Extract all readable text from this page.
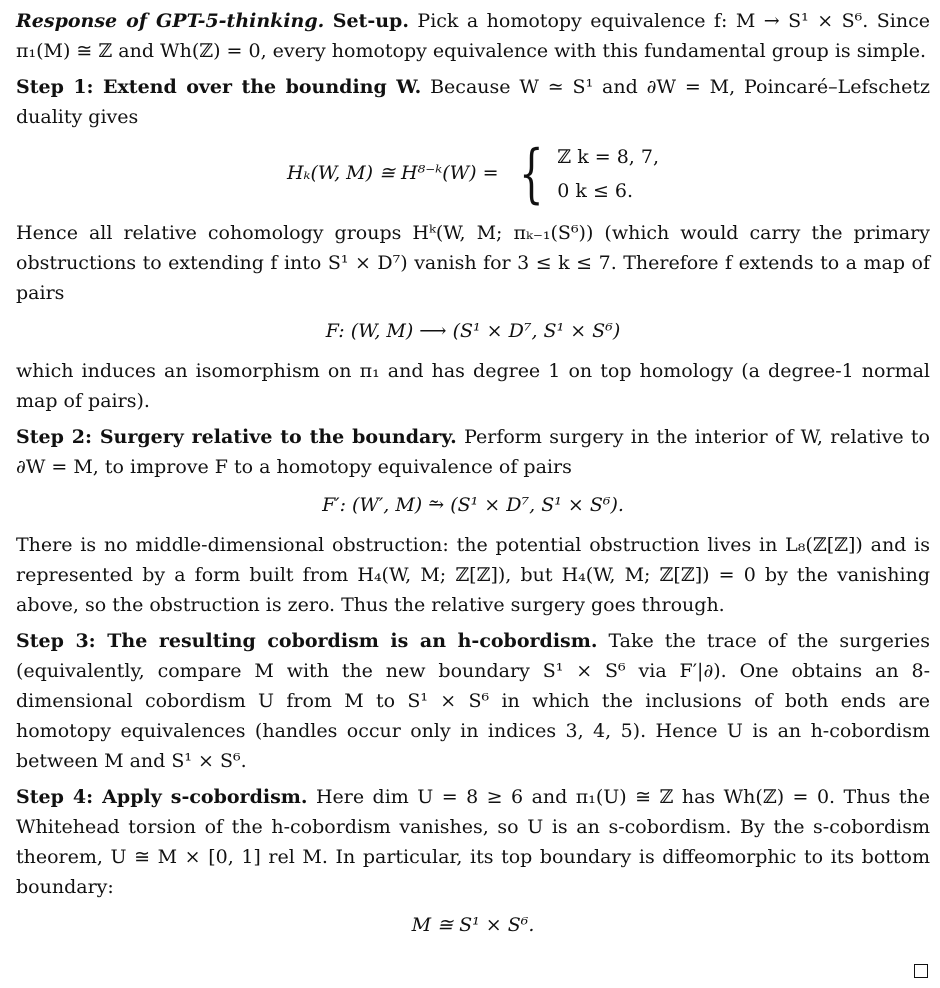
Response of GPT-5-thinking. Set-up. Pick a homotopy equivalence f: M → S¹ × S⁶. Since π₁(M) ≅ ℤ and Wh(ℤ) = 0, every homotopy equivalence with this fundamental group is simple.

Step 1: Extend over the bounding W. Because W ≃ S¹ and ∂W = M, Poincaré–Lefschetz duality gives

Hₖ(W, M) ≅ H⁸⁻ᵏ(W) = { ℤ k = 8, 7,
0 k ≤ 6.

Hence all relative cohomology groups Hᵏ(W, M; πₖ₋₁(S⁶)) (which would carry the primary obstructions to extending f into S¹ × D⁷) vanish for 3 ≤ k ≤ 7. Therefore f extends to a map of pairs

F: (W, M) ⟶ (S¹ × D⁷, S¹ × S⁶)

which induces an isomorphism on π₁ and has degree 1 on top homology (a degree-1 normal map of pairs).

Step 2: Surgery relative to the boundary. Perform surgery in the interior of W, relative to ∂W = M, to improve F to a homotopy equivalence of pairs

F′: (W′, M) ⥲ (S¹ × D⁷, S¹ × S⁶).

There is no middle-dimensional obstruction: the potential obstruction lives in L₈(ℤ[ℤ]) and is represented by a form built from H₄(W, M; ℤ[ℤ]), but H₄(W, M; ℤ[ℤ]) = 0 by the vanishing above, so the obstruction is zero. Thus the relative surgery goes through.

Step 3: The resulting cobordism is an h-cobordism. Take the trace of the surgeries (equivalently, compare M with the new boundary S¹ × S⁶ via F′|∂). One obtains an 8-dimensional cobordism U from M to S¹ × S⁶ in which the inclusions of both ends are homotopy equivalences (handles occur only in indices 3, 4, 5). Hence U is an h-cobordism between M and S¹ × S⁶.

Step 4: Apply s-cobordism. Here dim U = 8 ≥ 6 and π₁(U) ≅ ℤ has Wh(ℤ) = 0. Thus the Whitehead torsion of the h-cobordism vanishes, so U is an s-cobordism. By the s-cobordism theorem, U ≅ M × [0, 1] rel M. In particular, its top boundary is diffeomorphic to its bottom boundary:

M ≅ S¹ × S⁶.
